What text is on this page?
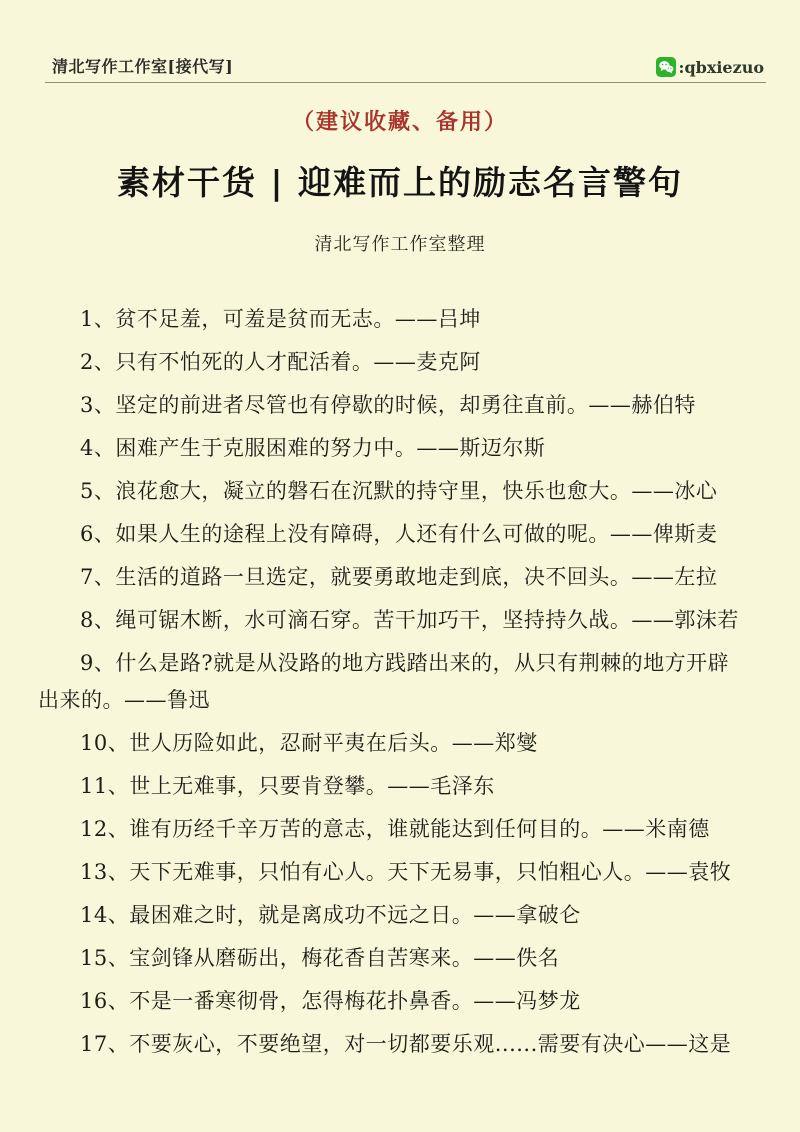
清北写作工作室[接代写]	:qbxiezuo
（建议收藏、备用）
素材干货 | 迎难而上的励志名言警句
清北写作工作室整理

1、贫不足羞，可羞是贫而无志。——吕坤

2、只有不怕死的人才配活着。——麦克阿

3、坚定的前进者尽管也有停歇的时候，却勇往直前。——赫伯特

4、困难产生于克服困难的努力中。——斯迈尔斯

5、浪花愈大，凝立的磐石在沉默的持守里，快乐也愈大。——冰心

6、如果人生的途程上没有障碍，人还有什么可做的呢。——俾斯麦

7、生活的道路一旦选定，就要勇敢地走到底，决不回头。——左拉

8、绳可锯木断，水可滴石穿。苦干加巧干，坚持持久战。——郭沫若

9、什么是路?就是从没路的地方践踏出来的，从只有荆棘的地方开辟出来的。——鲁迅

10、世人历险如此，忍耐平夷在后头。——郑燮

11、世上无难事，只要肯登攀。——毛泽东

12、谁有历经千辛万苦的意志，谁就能达到任何目的。——米南德

13、天下无难事，只怕有心人。天下无易事，只怕粗心人。——袁牧

14、最困难之时，就是离成功不远之日。——拿破仑

15、宝剑锋从磨砺出，梅花香自苦寒来。——佚名

16、不是一番寒彻骨，怎得梅花扑鼻香。——冯梦龙

17、不要灰心，不要绝望，对一切都要乐观......需要有决心——这是
